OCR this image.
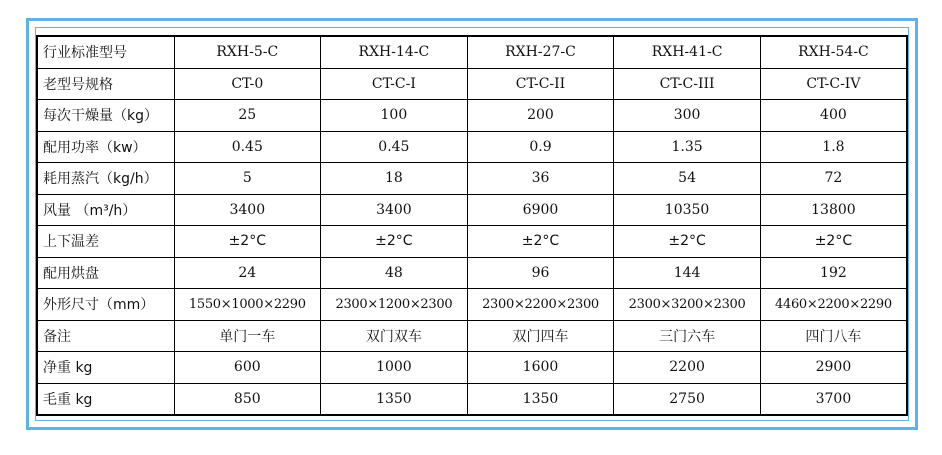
行业标准型号	RXH-5-C	RXH-14-C	RXH-27-C	RXH-41-C	RXH-54-C
老型号规格	CT-0	CT-C-I	CT-C-II	CT-C-III	CT-C-IV
每次干燥量（kg）	25	100	200	300	400
配用功率（kw）	0.45	0.45	0.9	1.35	1.8
耗用蒸汽（kg/h）	5	18	36	54	72
风量 （m³/h）	3400	3400	6900	10350	13800
上下温差	±2°C	±2°C	±2°C	±2°C	±2°C
配用烘盘	24	48	96	144	192
外形尺寸（mm）	1550×1000×2290	2300×1200×2300	2300×2200×2300	2300×3200×2300	4460×2200×2290
备注	单门一车	双门双车	双门四车	三门六车	四门八车
净重 kg	600	1000	1600	2200	2900
毛重 kg	850	1350	1350	2750	3700
